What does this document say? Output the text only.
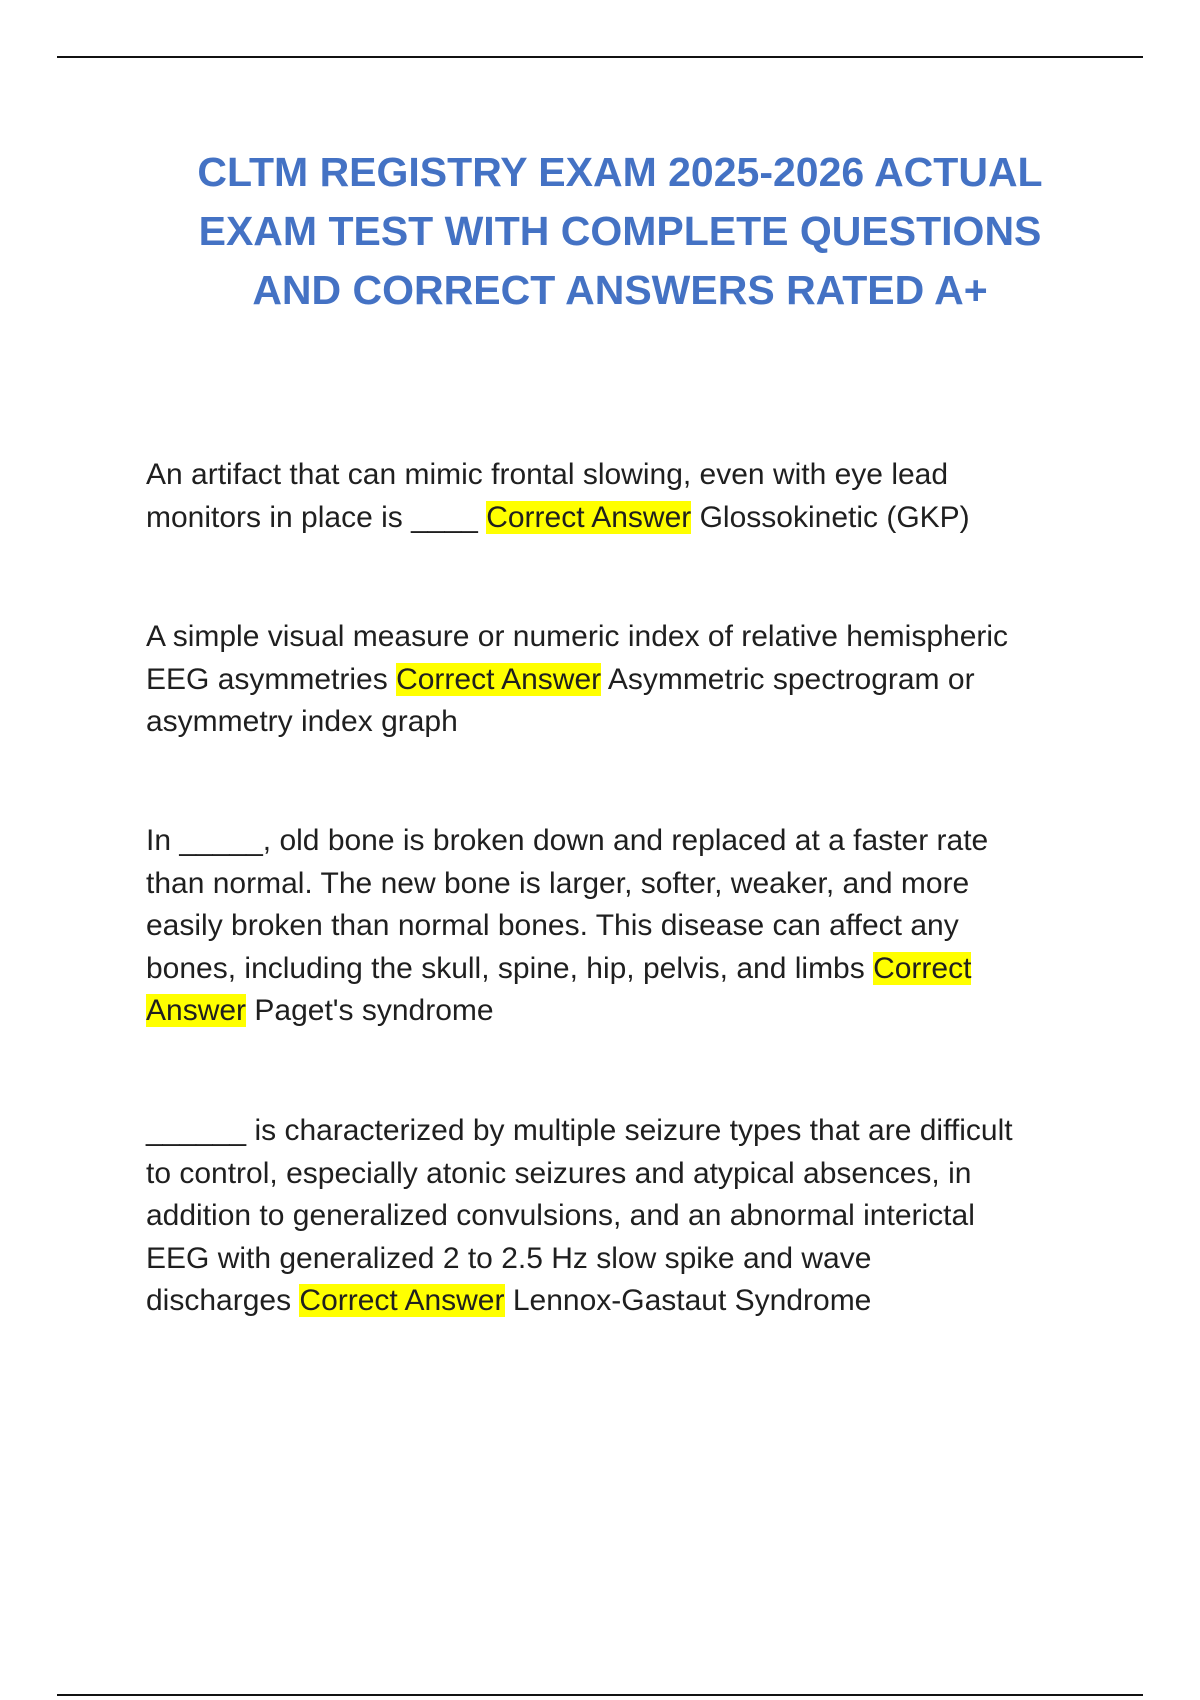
CLTM REGISTRY EXAM 2025-2026 ACTUAL
EXAM TEST WITH COMPLETE QUESTIONS
AND CORRECT ANSWERS RATED A+

An artifact that can mimic frontal slowing, even with eye lead
monitors in place is ____ Correct Answer Glossokinetic (GKP)

A simple visual measure or numeric index of relative hemispheric
EEG asymmetries Correct Answer Asymmetric spectrogram or
asymmetry index graph

In _____, old bone is broken down and replaced at a faster rate
than normal. The new bone is larger, softer, weaker, and more
easily broken than normal bones. This disease can affect any
bones, including the skull, spine, hip, pelvis, and limbs Correct
Answer Paget's syndrome

______ is characterized by multiple seizure types that are difficult
to control, especially atonic seizures and atypical absences, in
addition to generalized convulsions, and an abnormal interictal
EEG with generalized 2 to 2.5 Hz slow spike and wave
discharges Correct Answer Lennox-Gastaut Syndrome
